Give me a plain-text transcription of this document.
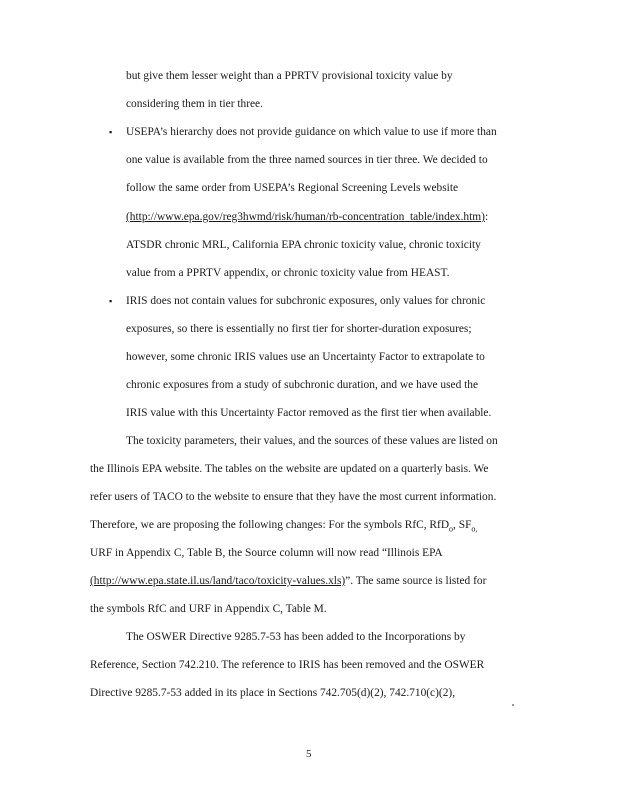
but give them lesser weight than a PPRTV provisional toxicity value by
considering them in tier three.
▪ USEPA’s hierarchy does not provide guidance on which value to use if more than
one value is available from the three named sources in tier three. We decided to
follow the same order from USEPA’s Regional Screening Levels website
(http://www.epa.gov/reg3hwmd/risk/human/rb-concentration_table/index.htm):
ATSDR chronic MRL, California EPA chronic toxicity value, chronic toxicity
value from a PPRTV appendix, or chronic toxicity value from HEAST.
▪ IRIS does not contain values for subchronic exposures, only values for chronic
exposures, so there is essentially no first tier for shorter-duration exposures;
however, some chronic IRIS values use an Uncertainty Factor to extrapolate to
chronic exposures from a study of subchronic duration, and we have used the
IRIS value with this Uncertainty Factor removed as the first tier when available.
The toxicity parameters, their values, and the sources of these values are listed on
the Illinois EPA website. The tables on the website are updated on a quarterly basis. We
refer users of TACO to the website to ensure that they have the most current information.
Therefore, we are proposing the following changes: For the symbols RfC, RfD$_o$, $SF_{o,}$
URF in Appendix C, Table B, the Source column will now read “Illinois EPA
(http://www.epa.state.il.us/land/taco/toxicity-values.xls)”. The same source is listed for
the symbols RfC and URF in Appendix C, Table M.
The OSWER Directive 9285.7-53 has been added to the Incorporations by
Reference, Section 742.210. The reference to IRIS has been removed and the OSWER
Directive 9285.7-53 added in its place in Sections 742.705(d)(2), 742.710(c)(2),
5
